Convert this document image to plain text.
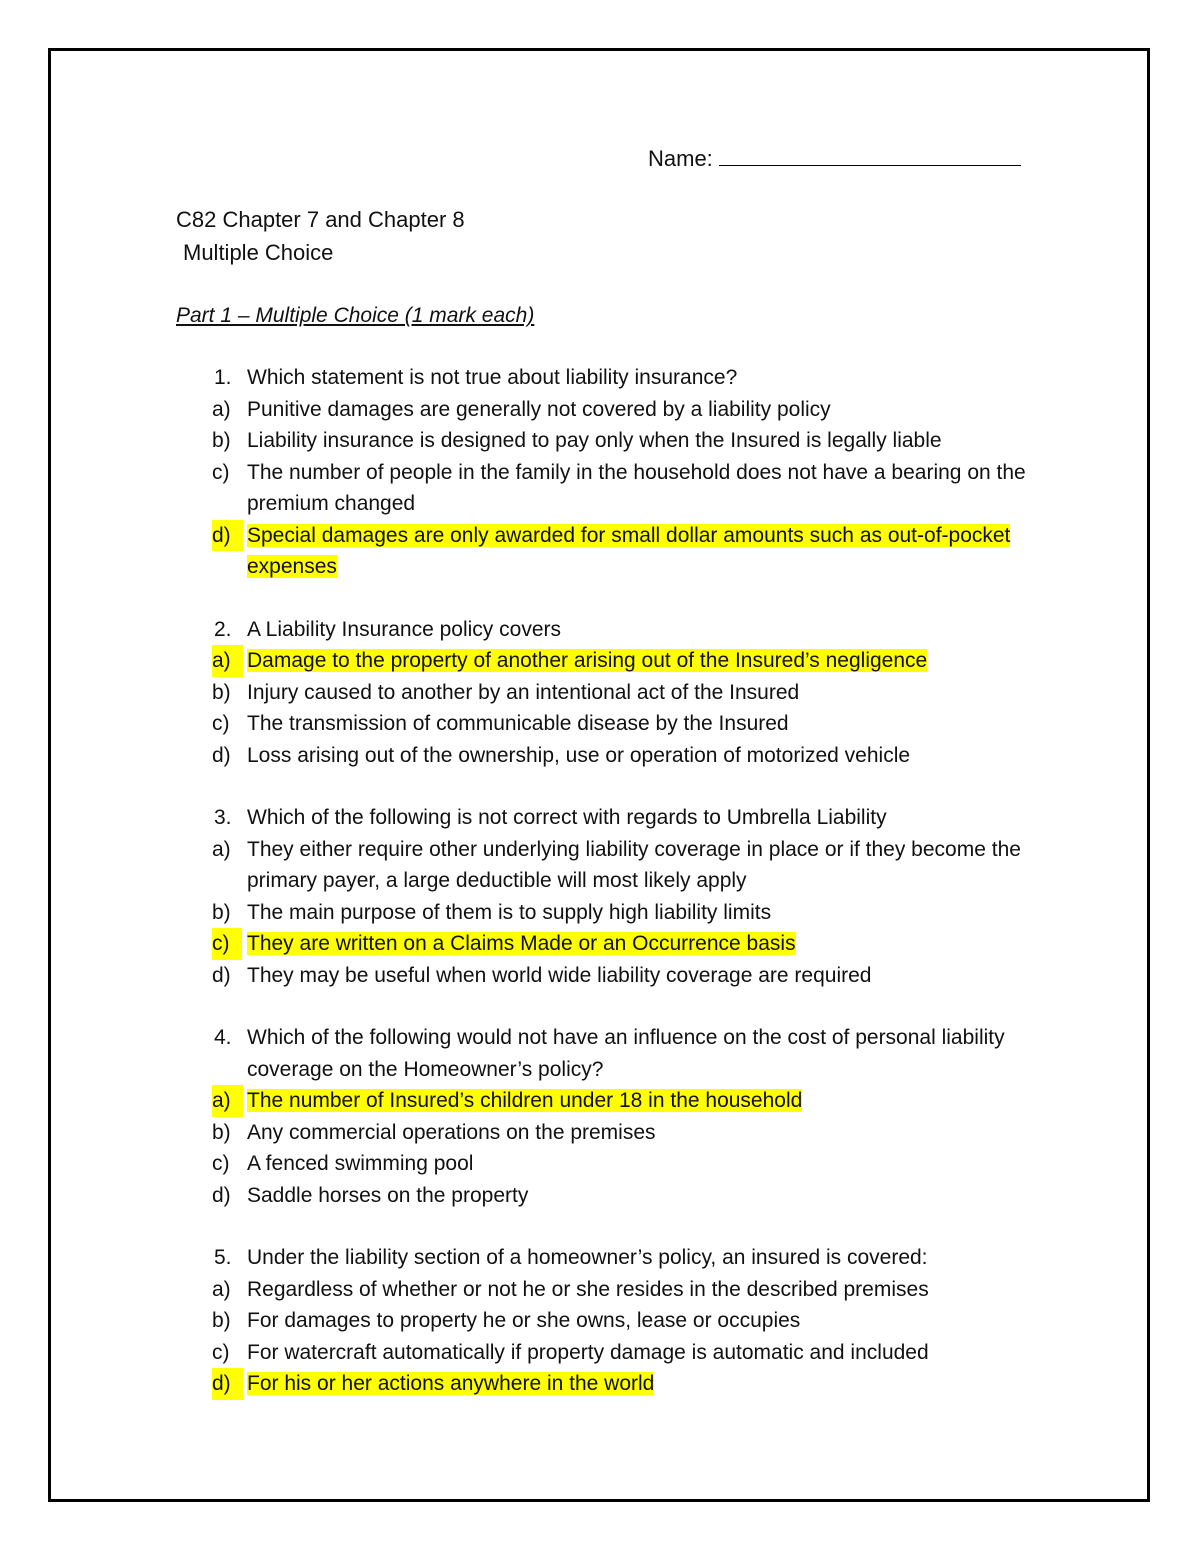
Name:
C82 Chapter 7 and Chapter 8
Multiple Choice
Part 1 – Multiple Choice (1 mark each)
1. Which statement is not true about liability insurance?
a) Punitive damages are generally not covered by a liability policy
b) Liability insurance is designed to pay only when the Insured is legally liable
c) The number of people in the family in the household does not have a bearing on the premium changed
d) Special damages are only awarded for small dollar amounts such as out-of-pocket expenses
2. A Liability Insurance policy covers
a) Damage to the property of another arising out of the Insured’s negligence
b) Injury caused to another by an intentional act of the Insured
c) The transmission of communicable disease by the Insured
d) Loss arising out of the ownership, use or operation of motorized vehicle
3. Which of the following is not correct with regards to Umbrella Liability
a) They either require other underlying liability coverage in place or if they become the primary payer, a large deductible will most likely apply
b) The main purpose of them is to supply high liability limits
c) They are written on a Claims Made or an Occurrence basis
d) They may be useful when world wide liability coverage are required
4. Which of the following would not have an influence on the cost of personal liability coverage on the Homeowner’s policy?
a) The number of Insured’s children under 18 in the household
b) Any commercial operations on the premises
c) A fenced swimming pool
d) Saddle horses on the property
5. Under the liability section of a homeowner’s policy, an insured is covered:
a) Regardless of whether or not he or she resides in the described premises
b) For damages to property he or she owns, lease or occupies
c) For watercraft automatically if property damage is automatic and included
d) For his or her actions anywhere in the world
